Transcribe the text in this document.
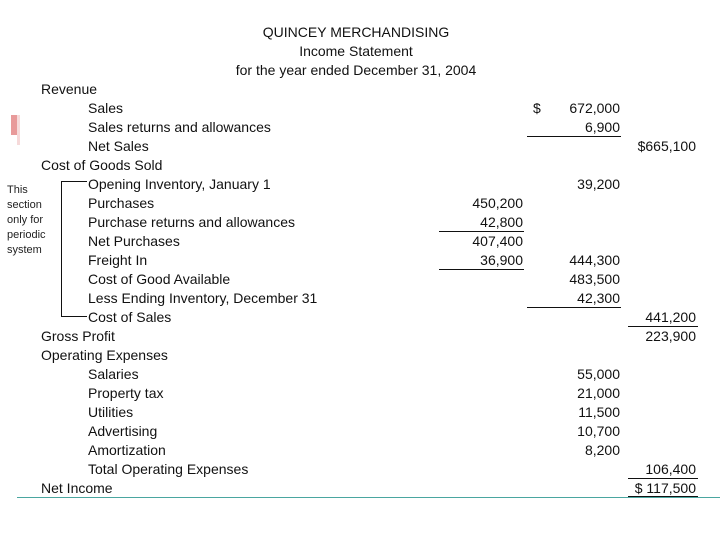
QUINCEY MERCHANDISING
Income Statement
for the year ended December 31, 2004
This
section
only for
periodic
system
Revenue
Sales	$	672,000
Sales returns and allowances	6,900
Net Sales	$665,100
Cost of Goods Sold
Opening Inventory, January 1	39,200
Purchases	450,200
Purchase returns and allowances	42,800
Net Purchases	407,400
Freight In	36,900	444,300
Cost of Good Available	483,500
Less Ending Inventory, December 31	42,300
Cost of Sales	441,200
Gross Profit	223,900
Operating Expenses
Salaries	55,000
Property tax	21,000
Utilities	11,500
Advertising	10,700
Amortization	8,200
Total Operating Expenses	106,400
Net Income	$ 117,500
